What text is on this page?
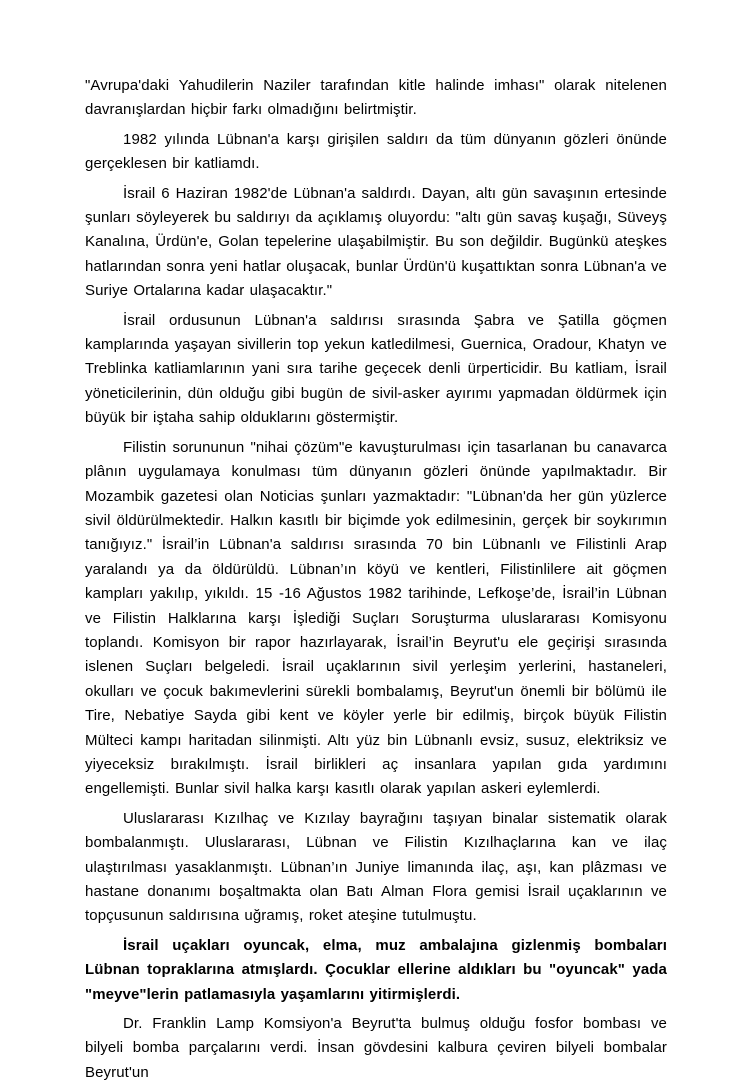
"Avrupa'daki Yahudilerin Naziler tarafından kitle halinde imhası" olarak nitelenen davranışlardan hiçbir farkı olmadığını belirtmiştir.

1982 yılında Lübnan'a karşı girişilen saldırı da tüm dünyanın gözleri önünde gerçeklesen bir katliamdı.

İsrail 6 Haziran 1982'de Lübnan'a saldırdı. Dayan, altı gün savaşının ertesinde şunları söyleyerek bu saldırıyı da açıklamış oluyordu: "altı gün savaş kuşağı, Süveyş Kanalına, Ürdün'e, Golan tepelerine ulaşabilmiştir. Bu son değildir. Bugünkü ateşkes hatlarından sonra yeni hatlar oluşacak, bunlar Ürdün'ü kuşattıktan sonra Lübnan'a ve Suriye Ortalarına kadar ulaşacaktır."

İsrail ordusunun Lübnan'a saldırısı sırasında Şabra ve Şatilla göçmen kamplarında yaşayan sivillerin top yekun katledilmesi, Guernica, Oradour, Khatyn ve Treblinka katliamlarının yani sıra tarihe geçecek denli ürperticidir. Bu katliam, İsrail yöneticilerinin, dün olduğu gibi bugün de sivil-asker ayırımı yapmadan öldürmek için büyük bir iştaha sahip olduklarını göstermiştir.

Filistin sorununun "nihai çözüm"e kavuşturulması için tasarlanan bu canavarca plânın uygulamaya konulması tüm dünyanın gözleri önünde yapılmaktadır. Bir Mozambik gazetesi olan Noticias şunları yazmaktadır: "Lübnan'da her gün yüzlerce sivil öldürülmektedir. Halkın kasıtlı bir biçimde yok edilmesinin, gerçek bir soykırımın tanığıyız." İsrail’in Lübnan'a saldırısı sırasında 70 bin Lübnanlı ve Filistinli Arap yaralandı ya da öldürüldü. Lübnan’ın köyü ve kentleri, Filistinlilere ait göçmen kampları yakılıp, yıkıldı. 15 -16 Ağustos 1982 tarihinde, Lefkoşe’de, İsrail’in Lübnan ve Filistin Halklarına karşı İşlediği Suçları Soruşturma uluslararası Komisyonu toplandı. Komisyon bir rapor hazırlayarak, İsrail’in Beyrut'u ele geçirişi sırasında islenen Suçları belgeledi. İsrail uçaklarının sivil yerleşim yerlerini, hastaneleri, okulları ve çocuk bakımevlerini sürekli bombalamış, Beyrut'un önemli bir bölümü ile Tire, Nebatiye Sayda gibi kent ve köyler yerle bir edilmiş, birçok büyük Filistin Mülteci kampı haritadan silinmişti. Altı yüz bin Lübnanlı evsiz, susuz, elektriksiz ve yiyeceksiz bırakılmıştı. İsrail birlikleri aç insanlara yapılan gıda yardımını engellemişti. Bunlar sivil halka karşı kasıtlı olarak yapılan askeri eylemlerdi.

Uluslararası Kızılhaç ve Kızılay bayrağını taşıyan binalar sistematik olarak bombalanmıştı. Uluslararası, Lübnan ve Filistin Kızılhaçlarına kan ve ilaç ulaştırılması yasaklanmıştı. Lübnan’ın Juniye limanında ilaç, aşı, kan plâzması ve hastane donanımı boşaltmakta olan Batı Alman Flora gemisi İsrail uçaklarının ve topçusunun saldırısına uğramış, roket ateşine tutulmuştu.

İsrail uçakları oyuncak, elma, muz ambalajına gizlenmiş bombaları Lübnan topraklarına atmışlardı. Çocuklar ellerine aldıkları bu "oyuncak" yada "meyve"lerin patlamasıyla yaşamlarını yitirmişlerdi.

Dr. Franklin Lamp Komsiyon'a Beyrut'ta bulmuş olduğu fosfor bombası ve bilyeli bomba parçalarını verdi. İnsan gövdesini kalbura çeviren bilyeli bombalar Beyrut'un
